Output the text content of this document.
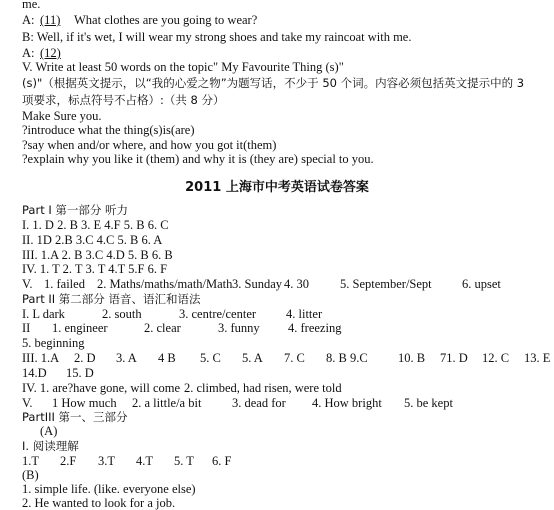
me.
A: (11) What clothes are you going to wear?
B: Well, if it's wet, I will wear my strong shoes and take my raincoat with me.
A: (12)
V. Write at least 50 words on the topic" My Favourite Thing (s)"
(s)"（根据英文提示，以“我的心爱之物”为题写话，不少于 50 个词。内容必须包括英文提示中的 3
项要求，标点符号不占格）:（共 8 分）
Make Sure you.
?introduce what the thing(s)is(are)
?say when and/or where, and how you got it(them)
?explain why you like it (them) and why it is (they are) special to you.
2011 上海市中考英语试卷答案
Part I 第一部分 听力
I. 1. D 2. B 3. E 4.F 5. B 6. C
II. 1D 2.B 3.C 4.C 5. B 6. A
III. 1.A 2. B 3.C 4.D 5. B 6. B
IV. 1. T 2. T 3. T 4.T 5.F 6. F
V. 1. failed 2. Maths/maths/math/Math 3. Sunday 4. 30 5. September/Sept 6. upset
Part II 第二部分 语音、语汇和语法
I. L dark	2. south	3. centre/center 4. litter
II 1. engineer	2. clear	3. funny 4. freezing
5. beginning
III. 1.A 2. D 3. A 4 B 5. C 5. A 7. C 8. B 9.C 10. B 71. D 12. C 13. E
14.D 15. D
IV. 1. are?have gone, will come 2. climbed, had risen, were told
V. 1 How much 2. a little/a bit 3. dead for 4. How bright 5. be kept
PartIII 第一、三部分
(A)
I. 阅读理解
1.T 2.F 3.T 4.T 5. T 6. F
(B)
1. simple life. (like. everyone else)
2. He wanted to look for a job.
